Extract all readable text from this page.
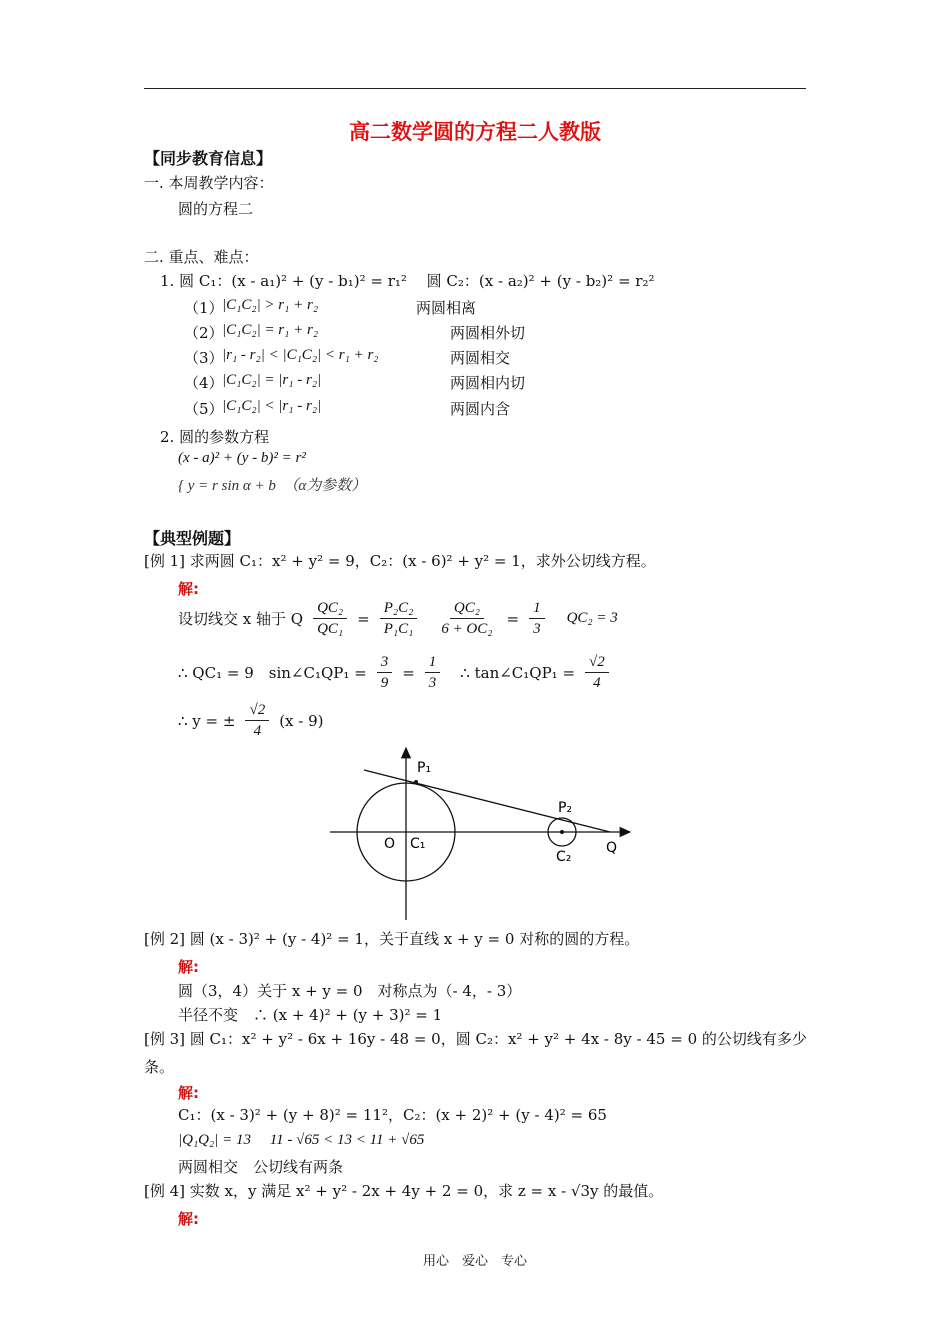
高二数学圆的方程二人教版
【同步教育信息】
一. 本周教学内容：
圆的方程二
二. 重点、难点：
1. 圆 C₁：(x - a₁)² + (y - b₁)² = r₁²　 圆 C₂：(x - a₂)² + (y - b₂)² = r₂²
（1）
|C₁C₂| > r₁ + r₂	两圆相离
（2）
|C₁C₂| = r₁ + r₂	两圆相外切
（3）
|r₁ - r₂| < |C₁C₂| < r₁ + r₂	两圆相交
（4）
|C₁C₂| = |r₁ - r₂|	两圆相内切
（5）
|C₁C₂| < |r₁ - r₂|	两圆内含
2. 圆的参数方程
(x - a)² + (y - b)² = r²
{ y = r sin α + b　（α为参数）
【典型例题】
[例 1] 求两圆 C₁：x² + y² = 9，C₂：(x - 6)² + y² = 1，求外公切线方程。
解:
设切线交 x 轴于 Q $\frac{\text{QC₂}}{\text{QC₁}} = \frac{\text{P₂C₂}}{\text{P₁C₁}} \frac{\text{QC₂}}{\text{6 + OC₂}} = \frac{1}{3} QC_2 = 3$
∴ QC₁ = 9　sin∠C₁QP₁ = $\frac{3}{9} = \frac{1}{3}$ ∴ tan∠C₁QP₁ = $\frac{√2}{4}$
∴ y = ± $\frac{√2}{4} (x - 9)$
P₁
P₂
O C₁
C₂
Q
[例 2] 圆 (x - 3)² + (y - 4)² = 1，关于直线 x + y = 0 对称的圆的方程。
解:
圆（3，4）关于 x + y = 0　对称点为（- 4，- 3）
半径不变　∴ (x + 4)² + (y + 3)² = 1
[例 3] 圆 C₁：x² + y² - 6x + 16y - 48 = 0，圆 C₂：x² + y² + 4x - 8y - 45 = 0 的公切线有多少
条。
解:
C₁：(x - 3)² + (y + 8)² = 11²，C₂：(x + 2)² + (y - 4)² = 65
|Q₁Q₂| = 13　 11 - √65 < 13 < 11 + √65
两圆相交　公切线有两条
[例 4] 实数 x，y 满足 x² + y² - 2x + 4y + 2 = 0，求 z = x - √3y 的最值。
解:
用心　爱心　专心
